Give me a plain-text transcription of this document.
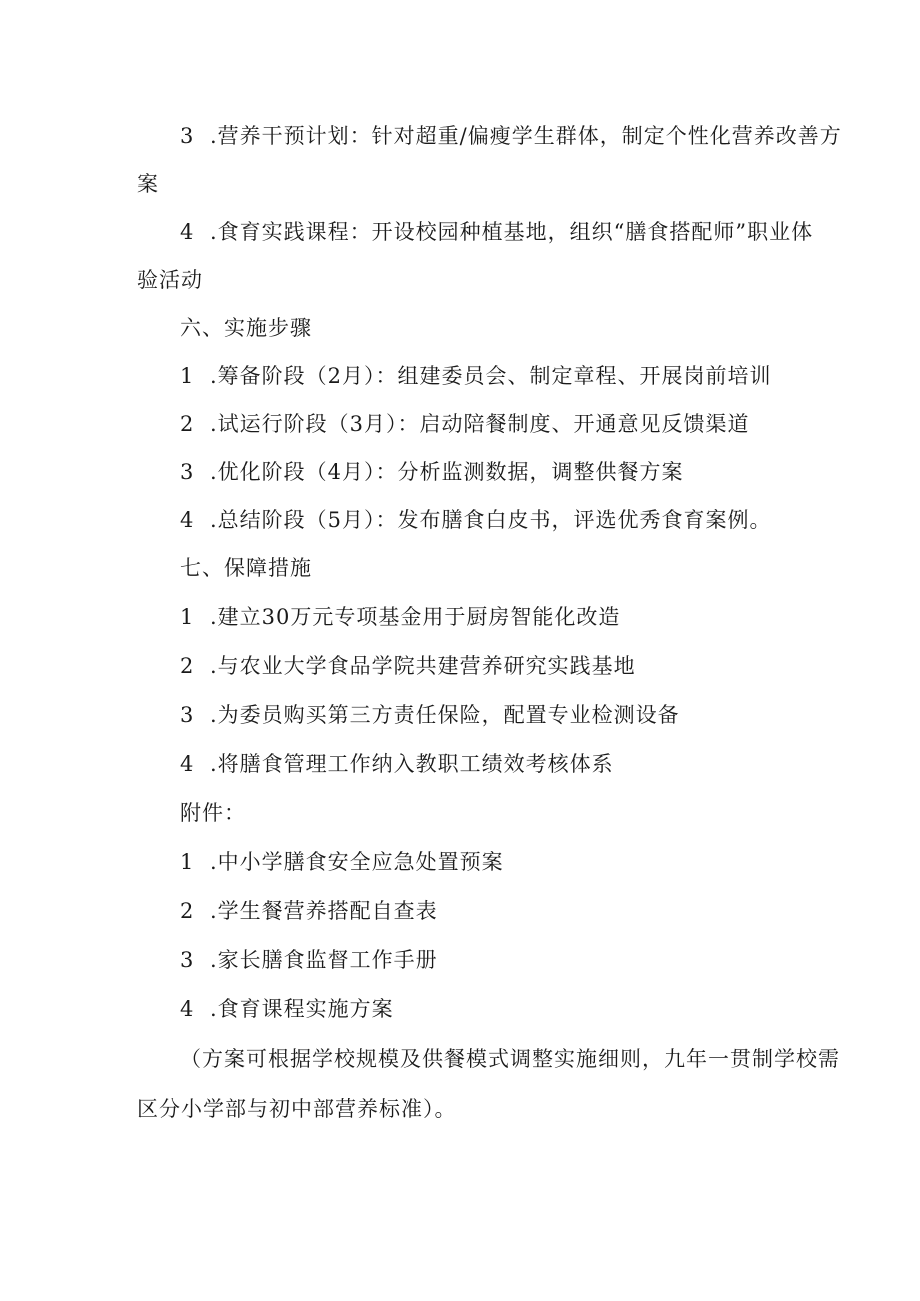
3 .营养干预计划：针对超重/偏瘦学生群体，制定个性化营养改善方
案
4 .食育实践课程：开设校园种植基地，组织“膳食搭配师”职业体
验活动
六、实施步骤
1 .筹备阶段（2月）：组建委员会、制定章程、开展岗前培训
2 .试运行阶段（3月）：启动陪餐制度、开通意见反馈渠道
3 .优化阶段（4月）：分析监测数据，调整供餐方案
4 .总结阶段（5月）：发布膳食白皮书，评选优秀食育案例。
七、保障措施
1 .建立30万元专项基金用于厨房智能化改造
2 .与农业大学食品学院共建营养研究实践基地
3 .为委员购买第三方责任保险，配置专业检测设备
4 .将膳食管理工作纳入教职工绩效考核体系
附件：
1 .中小学膳食安全应急处置预案
2 .学生餐营养搭配自查表
3 .家长膳食监督工作手册
4 .食育课程实施方案
（方案可根据学校规模及供餐模式调整实施细则，九年一贯制学校需
区分小学部与初中部营养标准）。
